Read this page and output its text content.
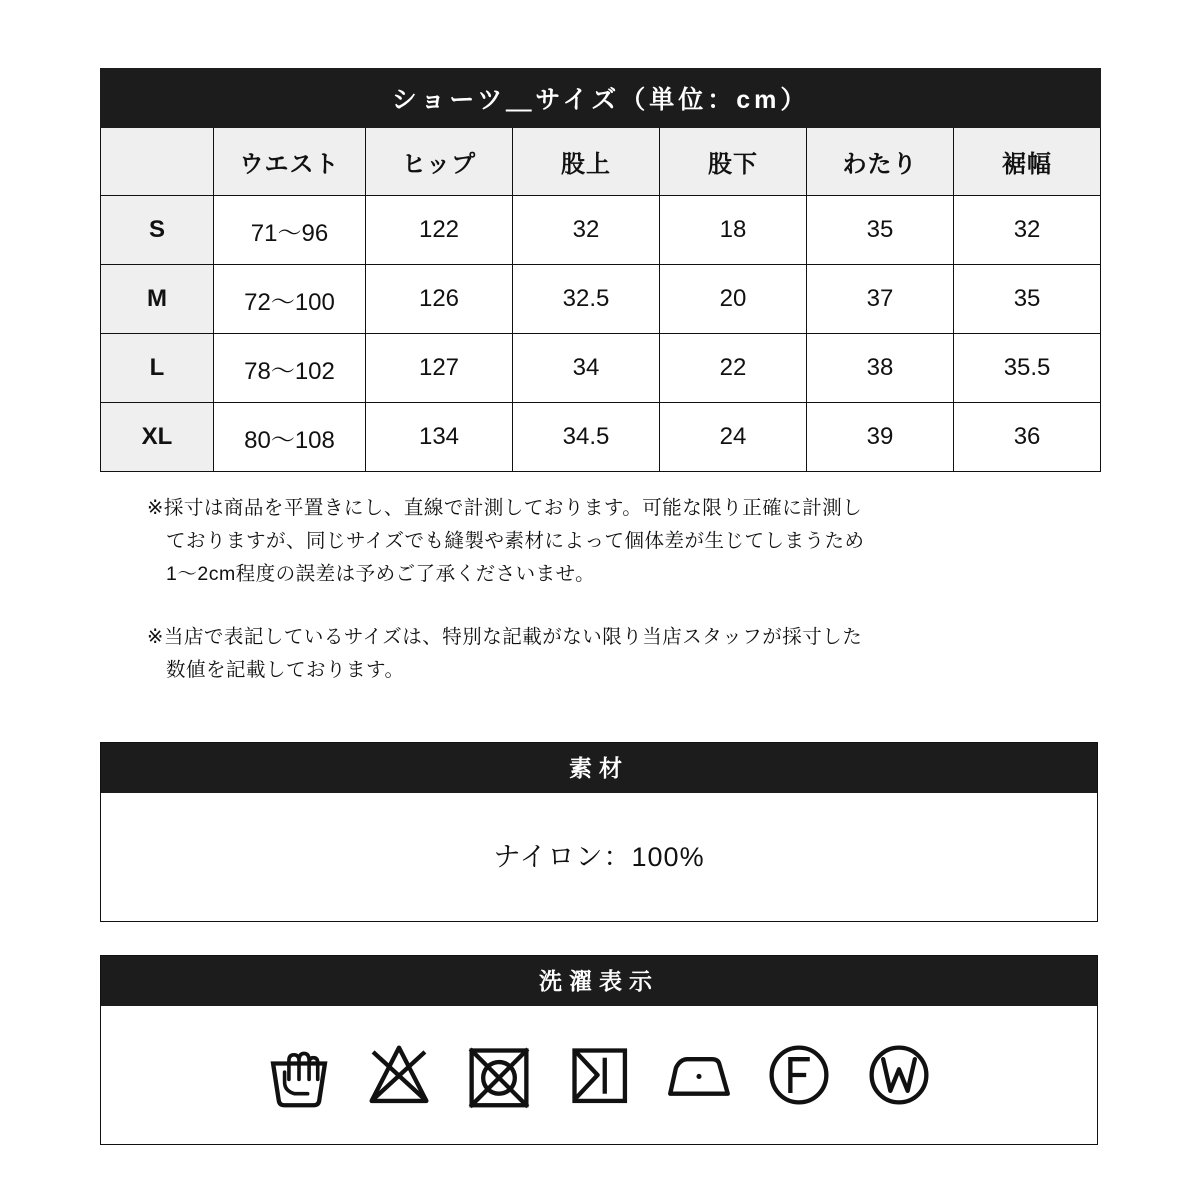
ショーツ＿サイズ（単位：cm）						
	ウエスト	ヒップ	股上	股下	わたり	裾幅
S	71〜96	122	32	18	35	32
M	72〜100	126	32.5	20	37	35
L	78〜102	127	34	22	38	35.5
XL	80〜108	134	34.5	24	39	36

※採寸は商品を平置きにし、直線で計測しております。可能な限り正確に計測し
ておりますが、同じサイズでも縫製や素材によって個体差が生じてしまうため
1〜2cm程度の誤差は予めご了承くださいませ。

※当店で表記しているサイズは、特別な記載がない限り当店スタッフが採寸した
数値を記載しております。

素材
ナイロン：100%
洗濯表示
